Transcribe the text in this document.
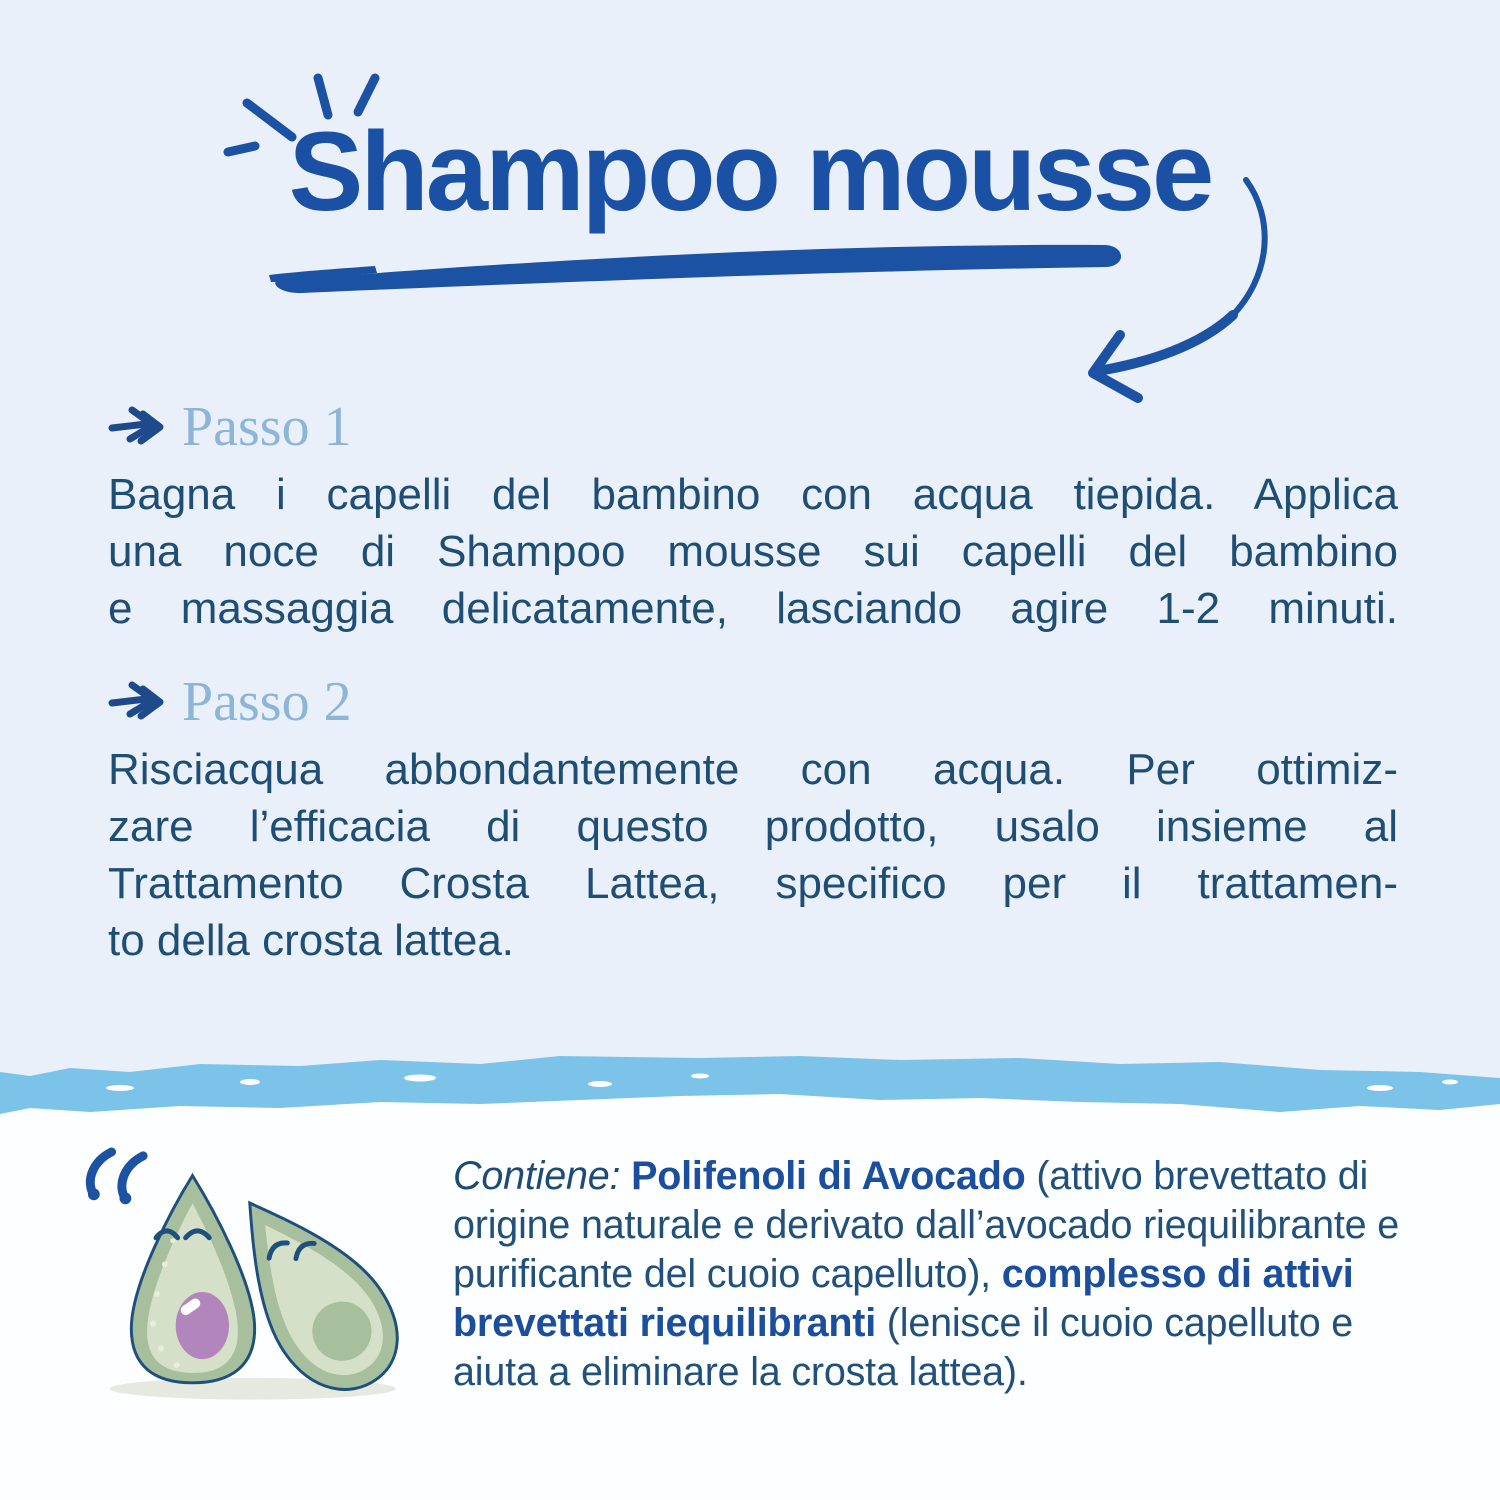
Shampoo mousse
Passo 1
Bagna i capelli del bambino con acqua tiepida. Applica
una noce di Shampoo mousse sui capelli del bambino
e massaggia delicatamente, lasciando agire 1-2 minuti.
Passo 2
Risciacqua abbondantemente con acqua. Per ottimiz-
zare l’efficacia di questo prodotto, usalo insieme al
Trattamento Crosta Lattea, specifico per il trattamen-
to della crosta lattea.

Contiene: Polifenoli di Avocado (attivo brevettato di origine naturale e derivato dall’avocado riequilibrante e purificante del cuoio capelluto), complesso di attivi brevettati riequilibranti (lenisce il cuoio capelluto e aiuta a eliminare la crosta lattea).
